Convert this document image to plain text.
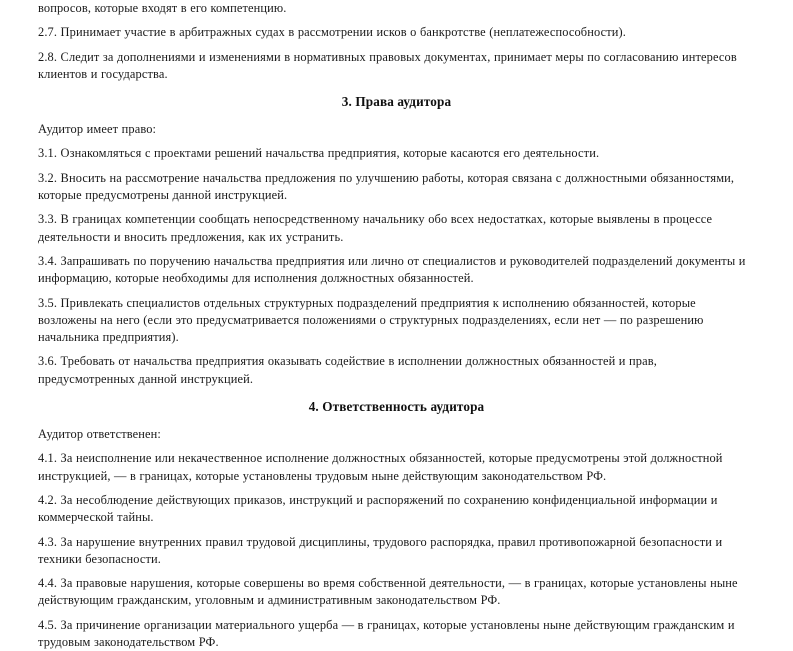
вопросов, которые входят в его компетенцию.

2.7. Принимает участие в арбитражных судах в рассмотрении исков о банкротстве (неплатежеспособности).

2.8. Следит за дополнениями и изменениями в нормативных правовых документах, принимает меры по согласованию интересов клиентов и государства.

3. Права аудитора

Аудитор имеет право:

3.1. Ознакомляться с проектами решений начальства предприятия, которые касаются его деятельности.

3.2. Вносить на рассмотрение начальства предложения по улучшению работы, которая связана с должностными обязанностями, которые предусмотрены данной инструкцией.

3.3. В границах компетенции сообщать непосредственному начальнику обо всех недостатках, которые выявлены в процессе деятельности и вносить предложения, как их устранить.

3.4. Запрашивать по поручению начальства предприятия или лично от специалистов и руководителей подразделений документы и информацию, которые необходимы для исполнения должностных обязанностей.

3.5. Привлекать специалистов отдельных структурных подразделений предприятия к исполнению обязанностей, которые возложены на него (если это предусматривается положениями о структурных подразделениях, если нет — по разрешению начальника предприятия).

3.6. Требовать от начальства предприятия оказывать содействие в исполнении должностных обязанностей и прав, предусмотренных данной инструкцией.

4. Ответственность аудитора

Аудитор ответственен:

4.1. За неисполнение или некачественное исполнение должностных обязанностей, которые предусмотрены этой должностной инструкцией, — в границах, которые установлены трудовым ныне действующим законодательством РФ.

4.2. За несоблюдение действующих приказов, инструкций и распоряжений по сохранению конфиденциальной информации и коммерческой тайны.

4.3. За нарушение внутренних правил трудовой дисциплины, трудового распорядка, правил противопожарной безопасности и техники безопасности.

4.4. За правовые нарушения, которые совершены во время собственной деятельности, — в границах, которые установлены ныне действующим гражданским, уголовным и административным законодательством РФ.

4.5. За причинение организации материального ущерба — в границах, которые установлены ныне действующим гражданским и трудовым законодательством РФ.
